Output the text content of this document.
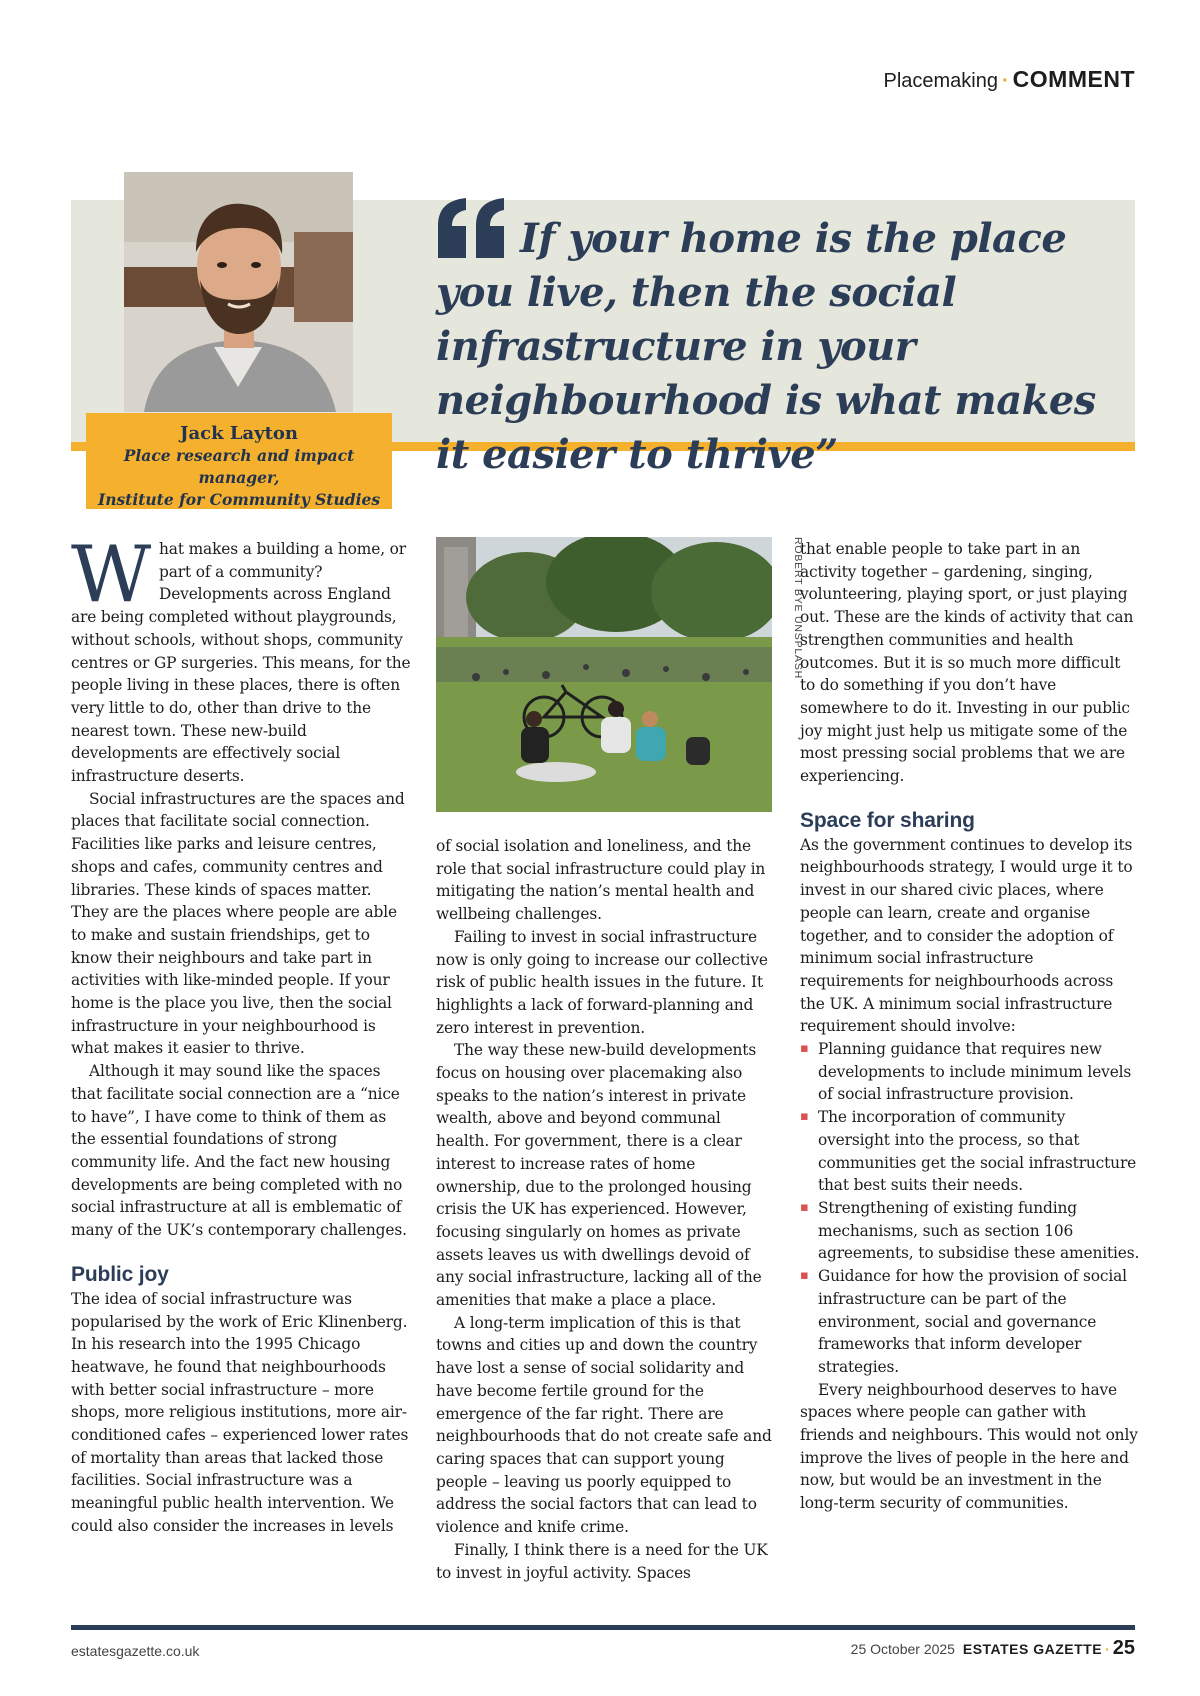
Placemaking · COMMENT
Jack Layton
Place research and impact manager,
Institute for Community Studies
If your home is the place you live, then the social infrastructure in your neighbourhood is what makes it easier to thrive”

What makes a building a home, or part of a community? Developments across England are being completed without playgrounds, without schools, without shops, community centres or GP surgeries. This means, for the people living in these places, there is often very little to do, other than drive to the nearest town. These new-build developments are effectively social infrastructure deserts.

Social infrastructures are the spaces and places that facilitate social connection. Facilities like parks and leisure centres, shops and cafes, community centres and libraries. These kinds of spaces matter. They are the places where people are able to make and sustain friendships, get to know their neighbours and take part in activities with like-minded people. If your home is the place you live, then the social infrastructure in your neighbourhood is what makes it easier to thrive.

Although it may sound like the spaces that facilitate social connection are a “nice to have”, I have come to think of them as the essential foundations of strong community life. And the fact new housing developments are being completed with no social infrastructure at all is emblematic of many of the UK’s contemporary challenges.

Public joy

The idea of social infrastructure was popularised by the work of Eric Klinenberg. In his research into the 1995 Chicago heatwave, he found that neighbourhoods with better social infrastructure – more shops, more religious institutions, more air-conditioned cafes – experienced lower rates of mortality than areas that lacked those facilities. Social infrastructure was a meaningful public health intervention. We could also consider the increases in levels

ROBERT BYE UNSPLASH

of social isolation and loneliness, and the role that social infrastructure could play in mitigating the nation’s mental health and wellbeing challenges.

Failing to invest in social infrastructure now is only going to increase our collective risk of public health issues in the future. It highlights a lack of forward-planning and zero interest in prevention.

The way these new-build developments focus on housing over placemaking also speaks to the nation’s interest in private wealth, above and beyond communal health. For government, there is a clear interest to increase rates of home ownership, due to the prolonged housing crisis the UK has experienced. However, focusing singularly on homes as private assets leaves us with dwellings devoid of any social infrastructure, lacking all of the amenities that make a place a place.

A long-term implication of this is that towns and cities up and down the country have lost a sense of social solidarity and have become fertile ground for the emergence of the far right. There are neighbourhoods that do not create safe and caring spaces that can support young people – leaving us poorly equipped to address the social factors that can lead to violence and knife crime.

Finally, I think there is a need for the UK to invest in joyful activity. Spaces

that enable people to take part in an activity together – gardening, singing, volunteering, playing sport, or just playing out. These are the kinds of activity that can strengthen communities and health outcomes. But it is so much more difficult to do something if you don’t have somewhere to do it. Investing in our public joy might just help us mitigate some of the most pressing social problems that we are experiencing.

Space for sharing

As the government continues to develop its neighbourhoods strategy, I would urge it to invest in our shared civic places, where people can learn, create and organise together, and to consider the adoption of minimum social infrastructure requirements for neighbourhoods across the UK. A minimum social infrastructure requirement should involve:

▪ Planning guidance that requires new developments to include minimum levels of social infrastructure provision.
▪ The incorporation of community oversight into the process, so that communities get the social infrastructure that best suits their needs.
▪ Strengthening of existing funding mechanisms, such as section 106 agreements, to subsidise these amenities.
▪ Guidance for how the provision of social infrastructure can be part of the environment, social and governance frameworks that inform developer strategies.

Every neighbourhood deserves to have spaces where people can gather with friends and neighbours. This would not only improve the lives of people in the here and now, but would be an investment in the long-term security of communities.

estatesgazette.co.uk	25 October 2025 ESTATES GAZETTE · 25
